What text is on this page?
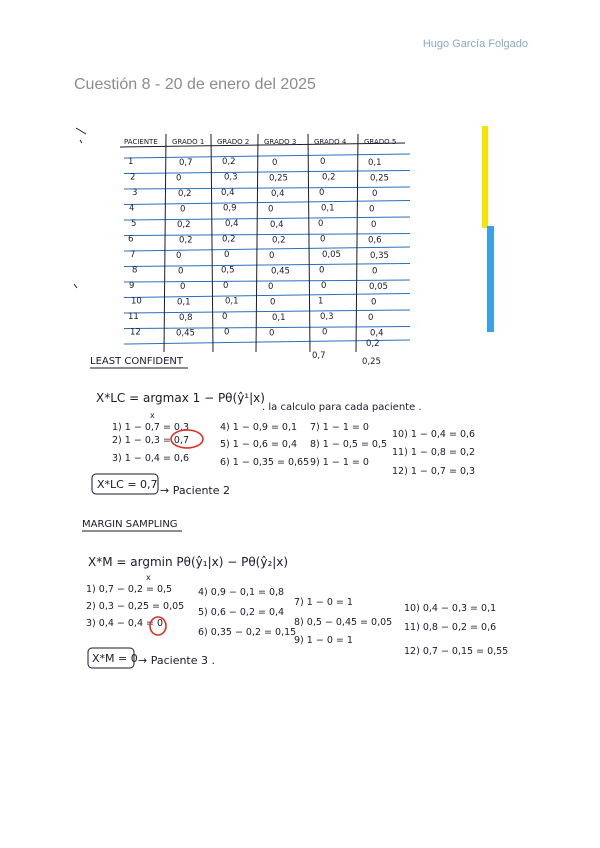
Hugo García Folgado
Cuestión 8 - 20 de enero del 2025
PACIENTE GRADO 1 GRADO 2 GRADO 3	GRADO 4	GRADO 5
1	0,7	0,2	0	0	0,1
2	0	0,3	0,25	0,2	0,25
3	0,2	0,4	0,4	0	0
4	0	0,9	0	0,1	0
5	0,2	0,4	0,4	0	0
6	0,2	0,2	0,2	0	0,6
7	0	0	0	0,05	0,35
8	0	0,5	0,45	0	0
9	0	0	0	0	0,05
10	0,1	0,1	0	1	0
11	0,8	0	0,1	0,3	0
12	0,45	0	0	0	0,4
0,2
0,7
0,25
LEAST CONFIDENT
X*LC = argmax 1 − Pθ(ŷ¹|x)
x
. la calculo para cada paciente .
1) 1 − 0,7 = 0,3
2) 1 − 0,3 = 0,7
3) 1 − 0,4 = 0,6
4) 1 − 0,9 = 0,1
5) 1 − 0,6 = 0,4
6) 1 − 0,35 = 0,65
7) 1 − 1 = 0
8) 1 − 0,5 = 0,5
9) 1 − 1 = 0
10) 1 − 0,4 = 0,6
11) 1 − 0,8 = 0,2
12) 1 − 0,7 = 0,3
X*LC = 0,7 → Paciente 2
MARGIN SAMPLING
X*M = argmin Pθ(ŷ₁|x) − Pθ(ŷ₂|x)
x
1) 0,7 − 0,2 = 0,5
2) 0,3 − 0,25 = 0,05
3) 0,4 − 0,4 = 0
4) 0,9 − 0,1 = 0,8
5) 0,6 − 0,2 = 0,4
6) 0,35 − 0,2 = 0,15
7) 1 − 0 = 1
8) 0,5 − 0,45 = 0,05
9) 1 − 0 = 1
10) 0,4 − 0,3 = 0,1
11) 0,8 − 0,2 = 0,6
12) 0,7 − 0,15 = 0,55
X*M = 0 → Paciente 3 .
